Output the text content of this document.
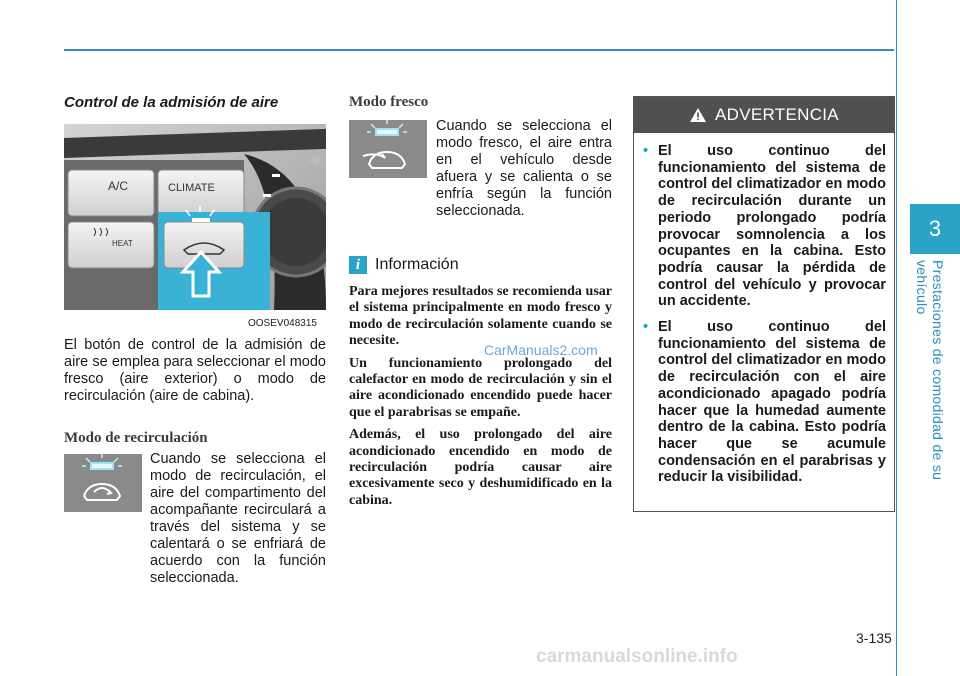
3
Prestaciones de comodidad de su vehículo
Control de la admisión de aire
A/C	CLIMATE
HEAT
OOSEV048315
El botón de control de la admisión de aire se emplea para seleccionar el modo fresco (aire exterior) o modo de recirculación (aire de cabina).
Modo de recirculación
Cuando se selecciona el modo de recirculación, el aire del compartimento del acompañante recirculará a través del sistema y se calentará o se enfriará de acuerdo con la función seleccionada.
Modo fresco
Cuando se selecciona el modo fresco, el aire entra en el vehículo desde afuera y se calienta o se enfría según la función seleccionada.
i Información

Para mejores resultados se recomienda usar el sistema principalmente en modo fresco y modo de recirculación solamente cuando se necesite.

Un funcionamiento prolongado del calefactor en modo de recirculación y sin el aire acondicionado encendido puede hacer que el parabrisas se empañe.

Además, el uso prolongado del aire acondicionado encendido en modo de recirculación podría causar aire excesivamente seco y deshumidificado en la cabina.

CarManuals2.com
ADVERTENCIA
• El uso continuo del funcionamiento del sistema de control del climatizador en modo de recirculación durante un periodo prolongado podría provocar somnolencia a los ocupantes en la cabina. Esto podría causar la pérdida de control del vehículo y provocar un accidente.
• El uso continuo del funcionamiento del sistema de control del climatizador en modo de recirculación con el aire acondicionado apagado podría hacer que la humedad aumente dentro de la cabina. Esto podría hacer que se acumule condensación en el parabrisas y reducir la visibilidad.
3-135
carmanualsonline.info
